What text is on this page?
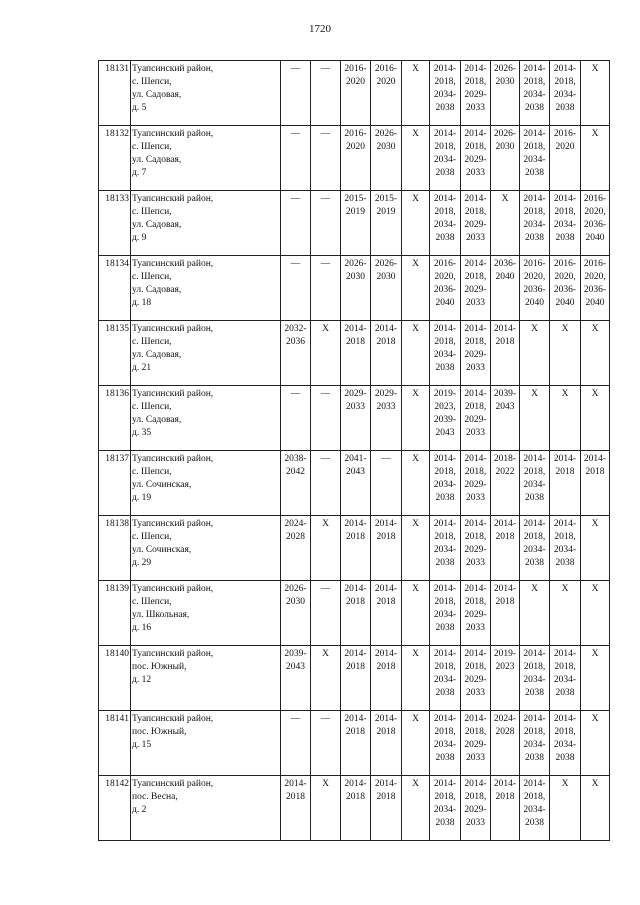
1720
18131	Туапсинский район,
с. Шепси,
ул. Садовая,
д. 5	—	—	2016-
2020	2016-
2020	X	2014-
2018,
2034-
2038	2014-
2018,
2029-
2033	2026-
2030	2014-
2018,
2034-
2038	2014-
2018,
2034-
2038	X
18132	Туапсинский район,
с. Шепси,
ул. Садовая,
д. 7	—	—	2016-
2020	2026-
2030	X	2014-
2018,
2034-
2038	2014-
2018,
2029-
2033	2026-
2030	2014-
2018,
2034-
2038	2016-
2020	X
18133	Туапсинский район,
с. Шепси,
ул. Садовая,
д. 9	—	—	2015-
2019	2015-
2019	X	2014-
2018,
2034-
2038	2014-
2018,
2029-
2033	X	2014-
2018,
2034-
2038	2014-
2018,
2034-
2038	2016-
2020,
2036-
2040
18134	Туапсинский район,
с. Шепси,
ул. Садовая,
д. 18	—	—	2026-
2030	2026-
2030	X	2016-
2020,
2036-
2040	2014-
2018,
2029-
2033	2036-
2040	2016-
2020,
2036-
2040	2016-
2020,
2036-
2040	2016-
2020,
2036-
2040
18135	Туапсинский район,
с. Шепси,
ул. Садовая,
д. 21	2032-
2036	X	2014-
2018	2014-
2018	X	2014-
2018,
2034-
2038	2014-
2018,
2029-
2033	2014-
2018	X	X	X
18136	Туапсинский район,
с. Шепси,
ул. Садовая,
д. 35	—	—	2029-
2033	2029-
2033	X	2019-
2023,
2039-
2043	2014-
2018,
2029-
2033	2039-
2043	X	X	X
18137	Туапсинский район,
с. Шепси,
ул. Сочинская,
д. 19	2038-
2042	—	2041-
2043	—	X	2014-
2018,
2034-
2038	2014-
2018,
2029-
2033	2018-
2022	2014-
2018,
2034-
2038	2014-
2018	2014-
2018
18138	Туапсинский район,
с. Шепси,
ул. Сочинская,
д. 29	2024-
2028	X	2014-
2018	2014-
2018	X	2014-
2018,
2034-
2038	2014-
2018,
2029-
2033	2014-
2018	2014-
2018,
2034-
2038	2014-
2018,
2034-
2038	X
18139	Туапсинский район,
с. Шепси,
ул. Школьная,
д. 16	2026-
2030	—	2014-
2018	2014-
2018	X	2014-
2018,
2034-
2038	2014-
2018,
2029-
2033	2014-
2018	X	X	X
18140	Туапсинский район,
пос. Южный,
д. 12	2039-
2043	X	2014-
2018	2014-
2018	X	2014-
2018,
2034-
2038	2014-
2018,
2029-
2033	2019-
2023	2014-
2018,
2034-
2038	2014-
2018,
2034-
2038	X
18141	Туапсинский район,
пос. Южный,
д. 15	—	—	2014-
2018	2014-
2018	X	2014-
2018,
2034-
2038	2014-
2018,
2029-
2033	2024-
2028	2014-
2018,
2034-
2038	2014-
2018,
2034-
2038	X
18142	Туапсинский район,
пос. Весна,
д. 2	2014-
2018	X	2014-
2018	2014-
2018	X	2014-
2018,
2034-
2038	2014-
2018,
2029-
2033	2014-
2018	2014-
2018,
2034-
2038	X	X
